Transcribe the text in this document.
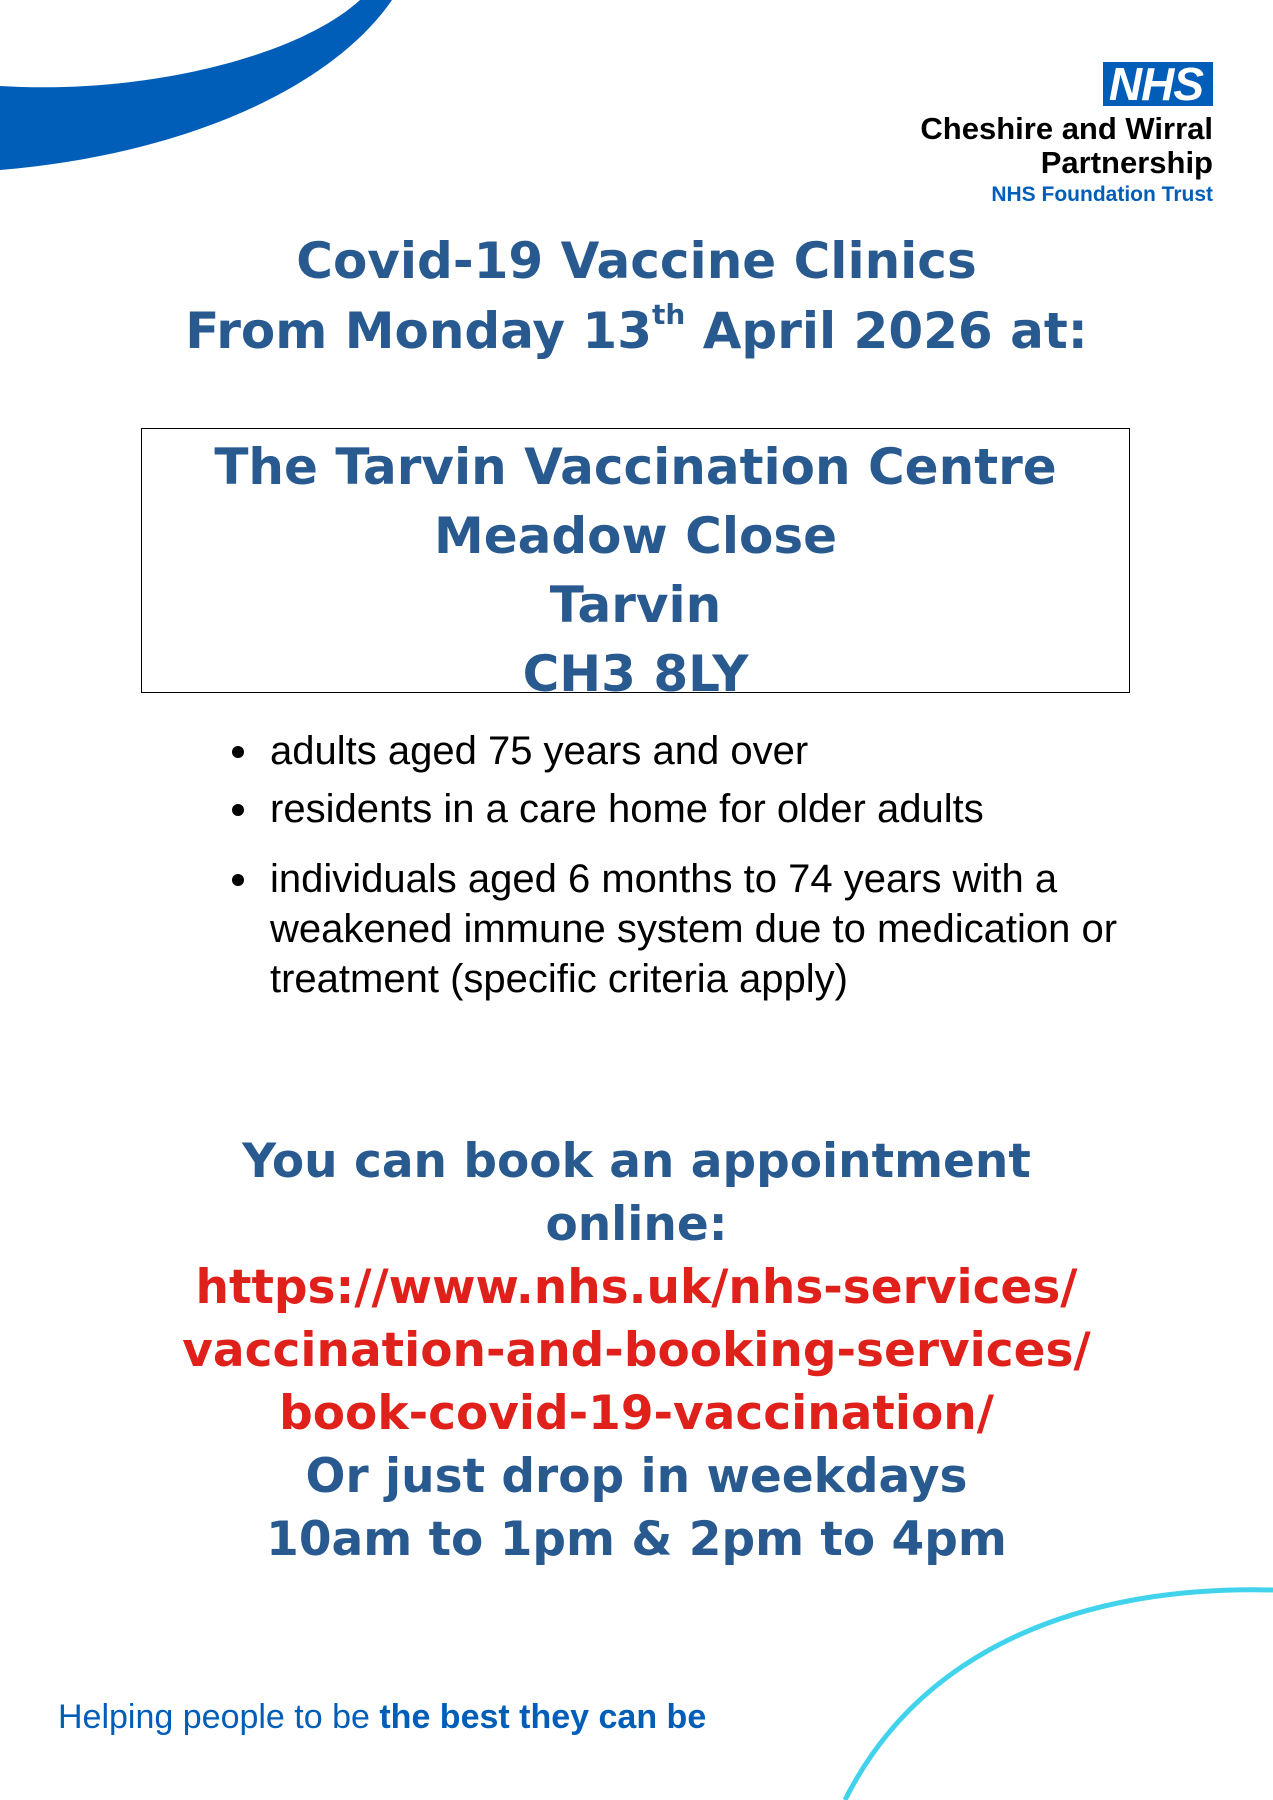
NHS
Cheshire and Wirral
Partnership
NHS Foundation Trust
Covid-19 Vaccine Clinics
From Monday 13th April 2026 at:
The Tarvin Vaccination Centre
Meadow Close
Tarvin
CH3 8LY
adults aged 75 years and over
residents in a care home for older adults
individuals aged 6 months to 74 years with a weakened immune system due to medication or treatment (specific criteria apply)
You can book an appointment
online:
https://www.nhs.uk/nhs-services/
vaccination-and-booking-services/
book-covid-19-vaccination/
Or just drop in weekdays
10am to 1pm & 2pm to 4pm
Helping people to be the best they can be
